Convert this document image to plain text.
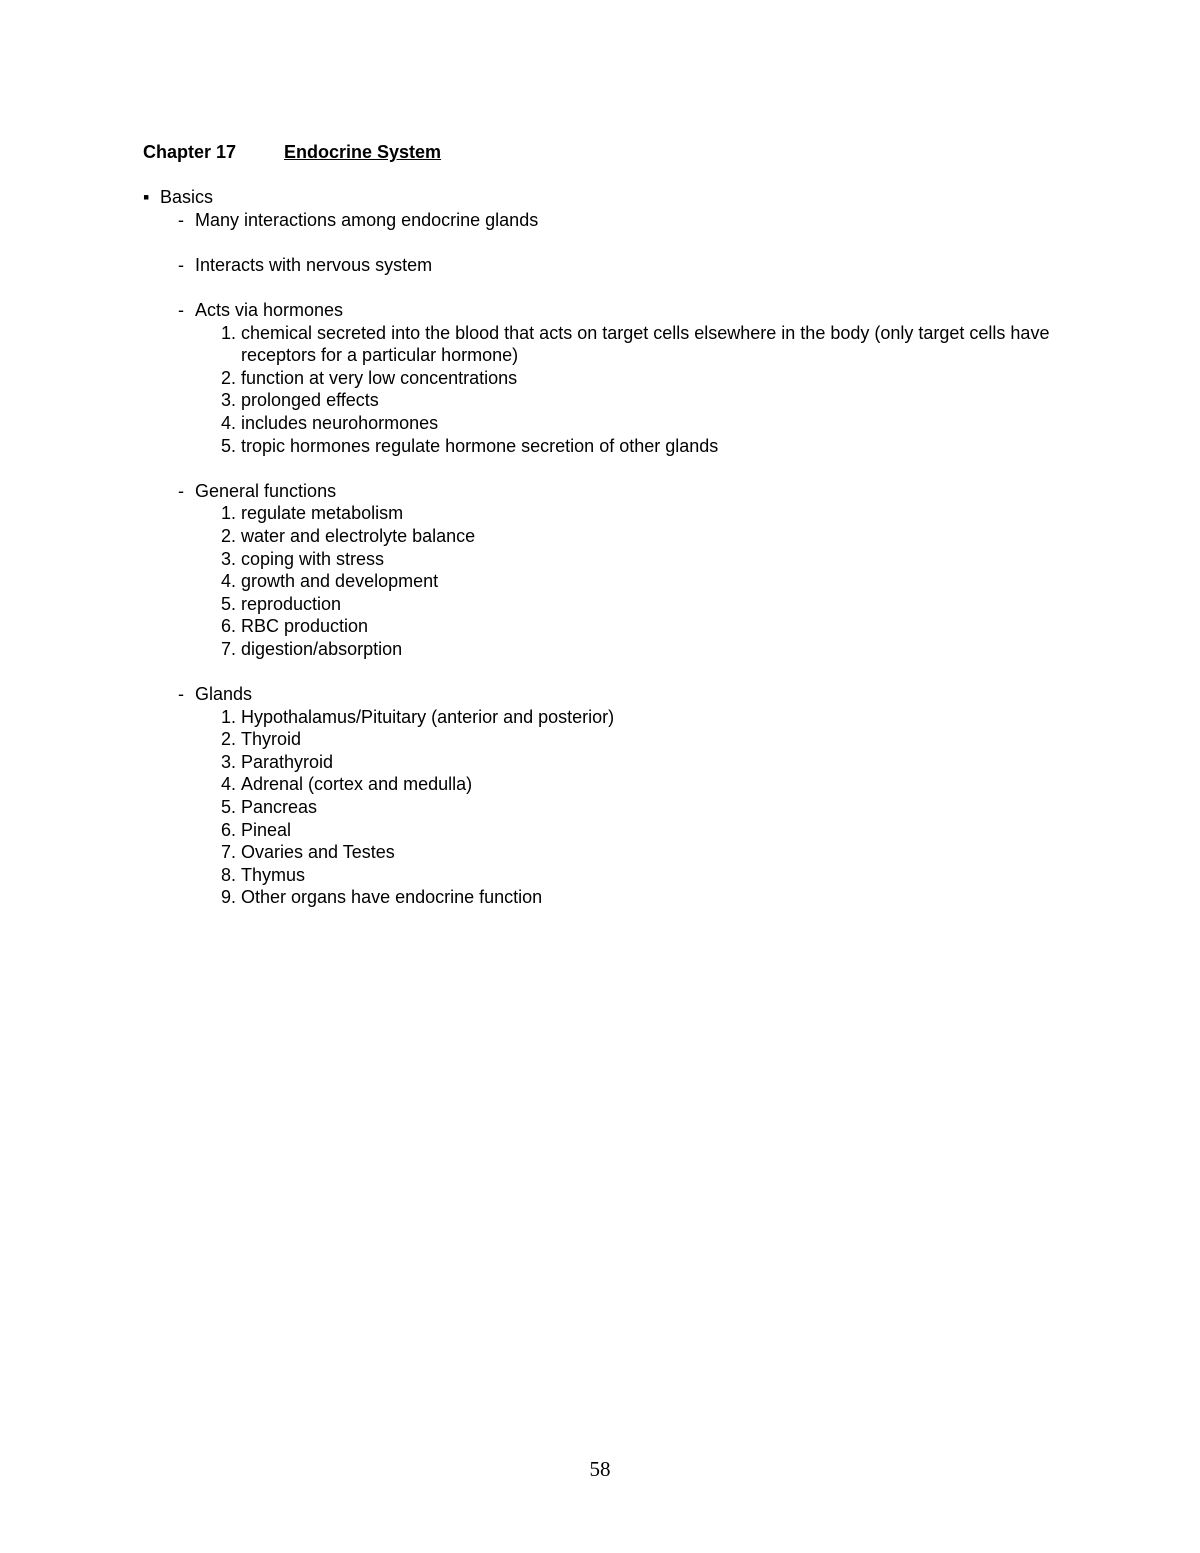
Chapter 17	Endocrine System
▪ Basics
- Many interactions among endocrine glands
- Interacts with nervous system
- Acts via hormones
1. chemical secreted into the blood that acts on target cells elsewhere in the body (only target cells have receptors for a particular hormone)
2. function at very low concentrations
3. prolonged effects
4. includes neurohormones
5. tropic hormones regulate hormone secretion of other glands
- General functions
1. regulate metabolism
2. water and electrolyte balance
3. coping with stress
4. growth and development
5. reproduction
6. RBC production
7. digestion/absorption
- Glands
1. Hypothalamus/Pituitary (anterior and posterior)
2. Thyroid
3. Parathyroid
4. Adrenal (cortex and medulla)
5. Pancreas
6. Pineal
7. Ovaries and Testes
8. Thymus
9. Other organs have endocrine function
58
